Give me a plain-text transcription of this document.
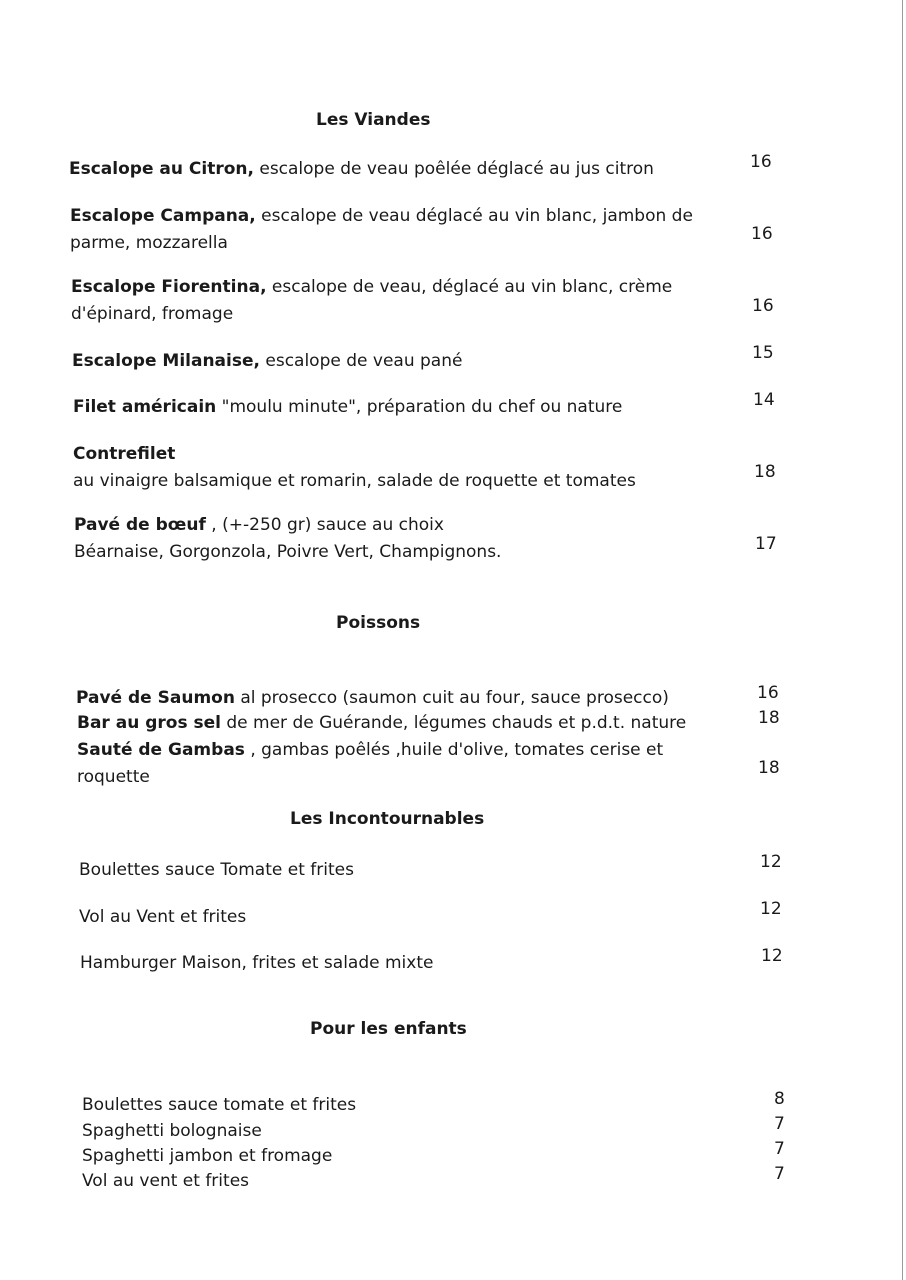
Les Viandes
Escalope au Citron, escalope de veau poêlée déglacé au jus citron	16
Escalope Campana, escalope de veau déglacé au vin blanc, jambon de
parme, mozzarella	16
Escalope Fiorentina, escalope de veau, déglacé au vin blanc, crème
d'épinard, fromage	16
Escalope Milanaise, escalope de veau pané	15
Filet américain "moulu minute", préparation du chef ou nature	14
Contrefilet
au vinaigre balsamique et romarin, salade de roquette et tomates	18
Pavé de bœuf , (+-250 gr) sauce au choix
Béarnaise, Gorgonzola, Poivre Vert, Champignons.	17
Poissons
Pavé de Saumon al prosecco (saumon cuit au four, sauce prosecco)	16
Bar au gros sel de mer de Guérande, légumes chauds et p.d.t. nature	18
Sauté de Gambas , gambas poêlés ,huile d'olive, tomates cerise et
roquette	18
Les Incontournables
Boulettes sauce Tomate et frites	12
Vol au Vent et frites	12
Hamburger Maison, frites et salade mixte	12
Pour les enfants
Boulettes sauce tomate et frites	8
Spaghetti bolognaise	7
Spaghetti jambon et fromage	7
Vol au vent et frites	7
